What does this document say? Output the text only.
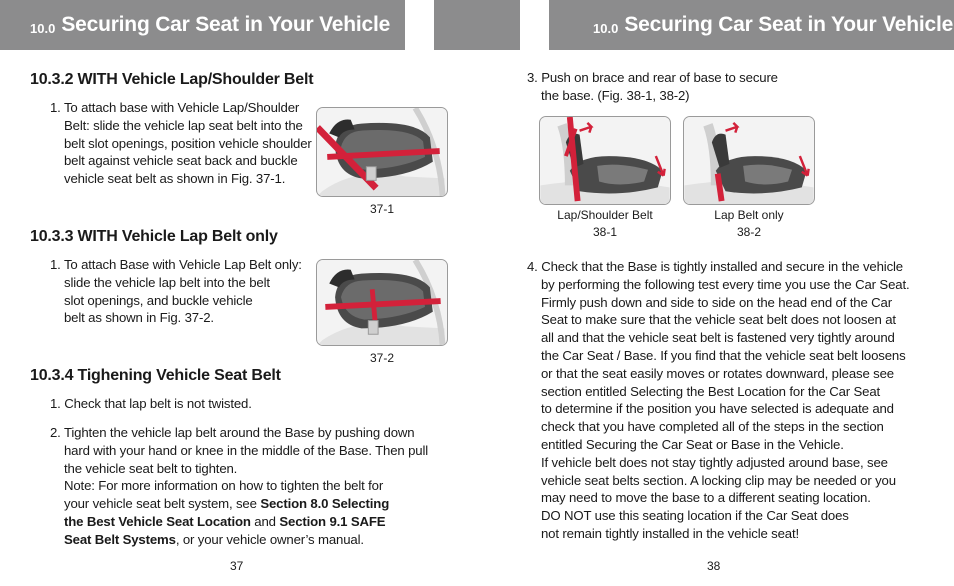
10.0 Securing Car Seat in Your Vehicle	10.0 Securing Car Seat in Your Vehicle
10.3.2 WITH Vehicle Lap/Shoulder Belt
1. To attach base with Vehicle Lap/Shoulder
Belt: slide the vehicle lap seat belt into the
belt slot openings, position vehicle shoulder
belt against vehicle seat back and buckle
vehicle seat belt as shown in Fig. 37-1.
37-1
10.3.3 WITH Vehicle Lap Belt only
1. To attach Base with Vehicle Lap Belt only:
slide the vehicle lap belt into the belt
slot openings, and buckle vehicle
belt as shown in Fig. 37-2.
37-2
10.3.4 Tighening Vehicle Seat Belt
1. Check that lap belt is not twisted.
2. Tighten the vehicle lap belt around the Base by pushing down
hard with your hand or knee in the middle of the Base. Then pull
the vehicle seat belt to tighten.
Note: For more information on how to tighten the belt for
your vehicle seat belt system, see Section 8.0 Selecting
the Best Vehicle Seat Location and Section 9.1 SAFE
Seat Belt Systems, or your vehicle owner’s manual.
37
3. Push on brace and rear of base to secure
the base. (Fig. 38-1, 38-2)
Lap/Shoulder Belt
38-1
Lap Belt only
38-2
4. Check that the Base is tightly installed and secure in the vehicle
by performing the following test every time you use the Car Seat.
Firmly push down and side to side on the head end of the Car
Seat to make sure that the vehicle seat belt does not loosen at
all and that the vehicle seat belt is fastened very tightly around
the Car Seat / Base. If you find that the vehicle seat belt loosens
or that the seat easily moves or rotates downward, please see
section entitled Selecting the Best Location for the Car Seat
to determine if the position you have selected is adequate and
check that you have completed all of the steps in the section
entitled Securing the Car Seat or Base in the Vehicle.
If vehicle belt does not stay tightly adjusted around base, see
vehicle seat belts section. A locking clip may be needed or you
may need to move the base to a different seating location.
DO NOT use this seating location if the Car Seat does
not remain tightly installed in the vehicle seat!
38
